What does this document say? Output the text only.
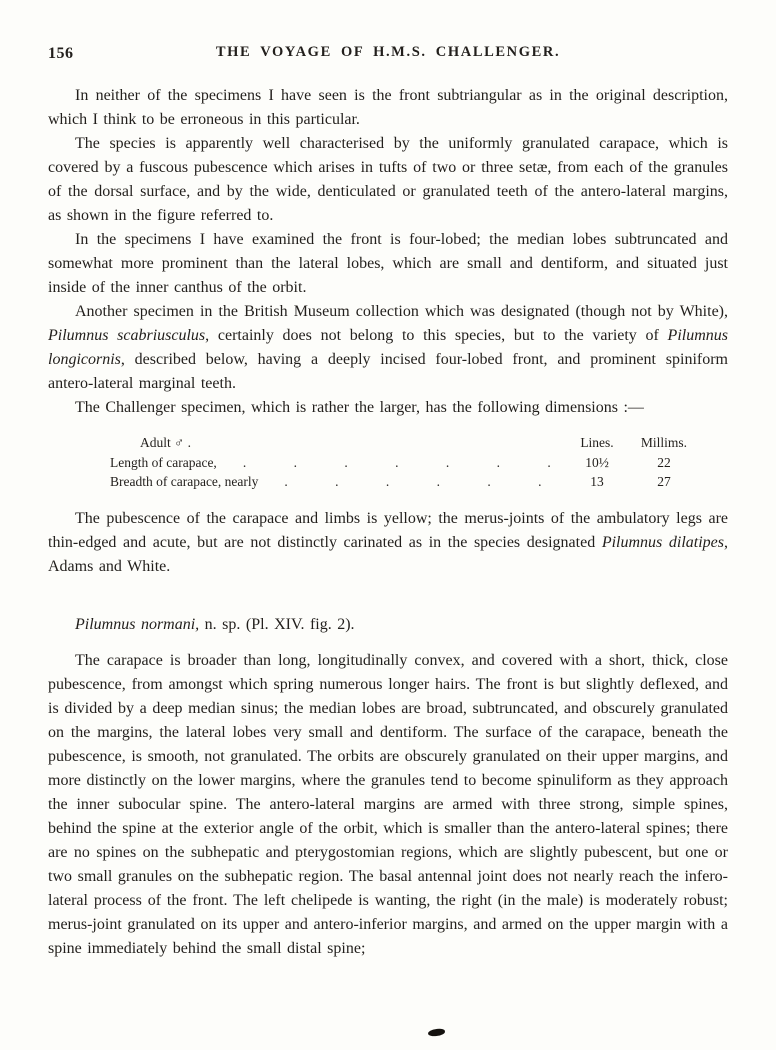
156	THE VOYAGE OF H.M.S. CHALLENGER.

In neither of the specimens I have seen is the front subtriangular as in the original description, which I think to be erroneous in this particular.

The species is apparently well characterised by the uniformly granulated carapace, which is covered by a fuscous pubescence which arises in tufts of two or three setæ, from each of the granules of the dorsal surface, and by the wide, denticulated or granulated teeth of the antero-lateral margins, as shown in the figure referred to.

In the specimens I have examined the front is four-lobed; the median lobes subtruncated and somewhat more prominent than the lateral lobes, which are small and dentiform, and situated just inside of the inner canthus of the orbit.

Another specimen in the British Museum collection which was designated (though not by White), Pilumnus scabriusculus, certainly does not belong to this species, but to the variety of Pilumnus longicornis, described below, having a deeply incised four-lobed front, and prominent spiniform antero-lateral marginal teeth.

The Challenger specimen, which is rather the larger, has the following dimensions :—

Adult ♂ .	Lines.	Millims.
Length of carapace,	. . . . . . .	10½	22
Breadth of carapace, nearly	. . . . . .	13	27

The pubescence of the carapace and limbs is yellow; the merus-joints of the ambulatory legs are thin-edged and acute, but are not distinctly carinated as in the species designated Pilumnus dilatipes, Adams and White.

Pilumnus normani, n. sp. (Pl. XIV. fig. 2).

The carapace is broader than long, longitudinally convex, and covered with a short, thick, close pubescence, from amongst which spring numerous longer hairs. The front is but slightly deflexed, and is divided by a deep median sinus; the median lobes are broad, subtruncated, and obscurely granulated on the margins, the lateral lobes very small and dentiform. The surface of the carapace, beneath the pubescence, is smooth, not granulated. The orbits are obscurely granulated on their upper margins, and more distinctly on the lower margins, where the granules tend to become spinuliform as they approach the inner subocular spine. The antero-lateral margins are armed with three strong, simple spines, behind the spine at the exterior angle of the orbit, which is smaller than the antero-lateral spines; there are no spines on the subhepatic and pterygostomian regions, which are slightly pubescent, but one or two small granules on the subhepatic region. The basal antennal joint does not nearly reach the infero-lateral process of the front. The left chelipede is wanting, the right (in the male) is moderately robust; merus-joint granulated on its upper and antero-inferior margins, and armed on the upper margin with a spine immediately behind the small distal spine;
